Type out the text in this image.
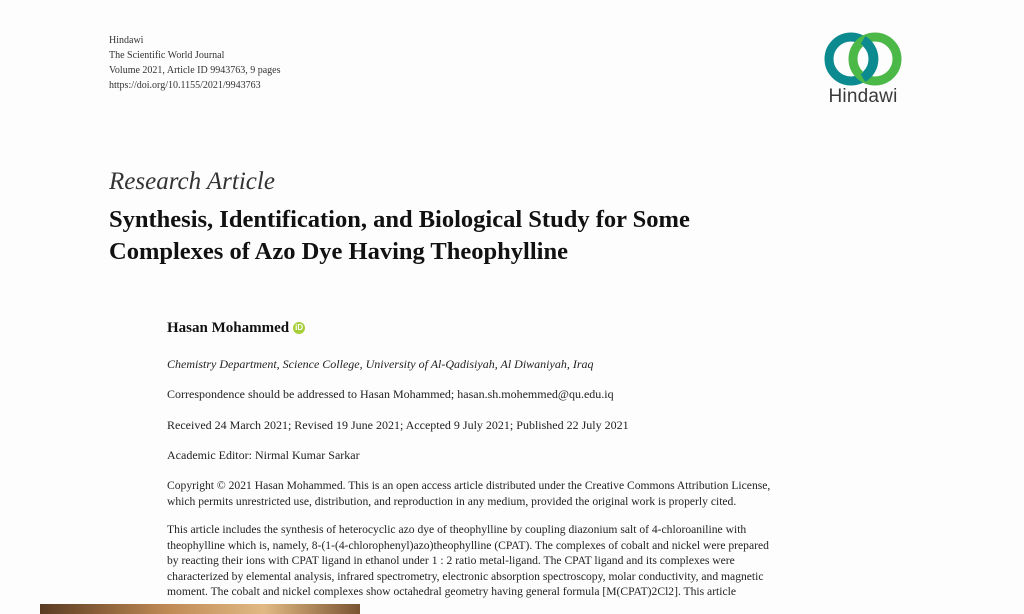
Hindawi
The Scientific World Journal
Volume 2021, Article ID 9943763, 9 pages
https://doi.org/10.1155/2021/9943763
Hindawi
Research Article
Synthesis, Identification, and Biological Study for Some
Complexes of Azo Dye Having Theophylline
Hasan Mohammed iD
Chemistry Department, Science College, University of Al-Qadisiyah, Al Diwaniyah, Iraq
Correspondence should be addressed to Hasan Mohammed; hasan.sh.mohemmed@qu.edu.iq
Received 24 March 2021; Revised 19 June 2021; Accepted 9 July 2021; Published 22 July 2021
Academic Editor: Nirmal Kumar Sarkar
Copyright © 2021 Hasan Mohammed. This is an open access article distributed under the Creative Commons Attribution License,
which permits unrestricted use, distribution, and reproduction in any medium, provided the original work is properly cited.
This article includes the synthesis of heterocyclic azo dye of theophylline by coupling diazonium salt of 4-chloroaniline with
theophylline which is, namely, 8-(1-(4-chlorophenyl)azo)theophylline (CPAT). The complexes of cobalt and nickel were prepared
by reacting their ions with CPAT ligand in ethanol under 1 : 2 ratio metal-ligand. The CPAT ligand and its complexes were
characterized by elemental analysis, infrared spectrometry, electronic absorption spectroscopy, molar conductivity, and magnetic
moment. The cobalt and nickel complexes show octahedral geometry having general formula [M(CPAT)2Cl2]. This article
